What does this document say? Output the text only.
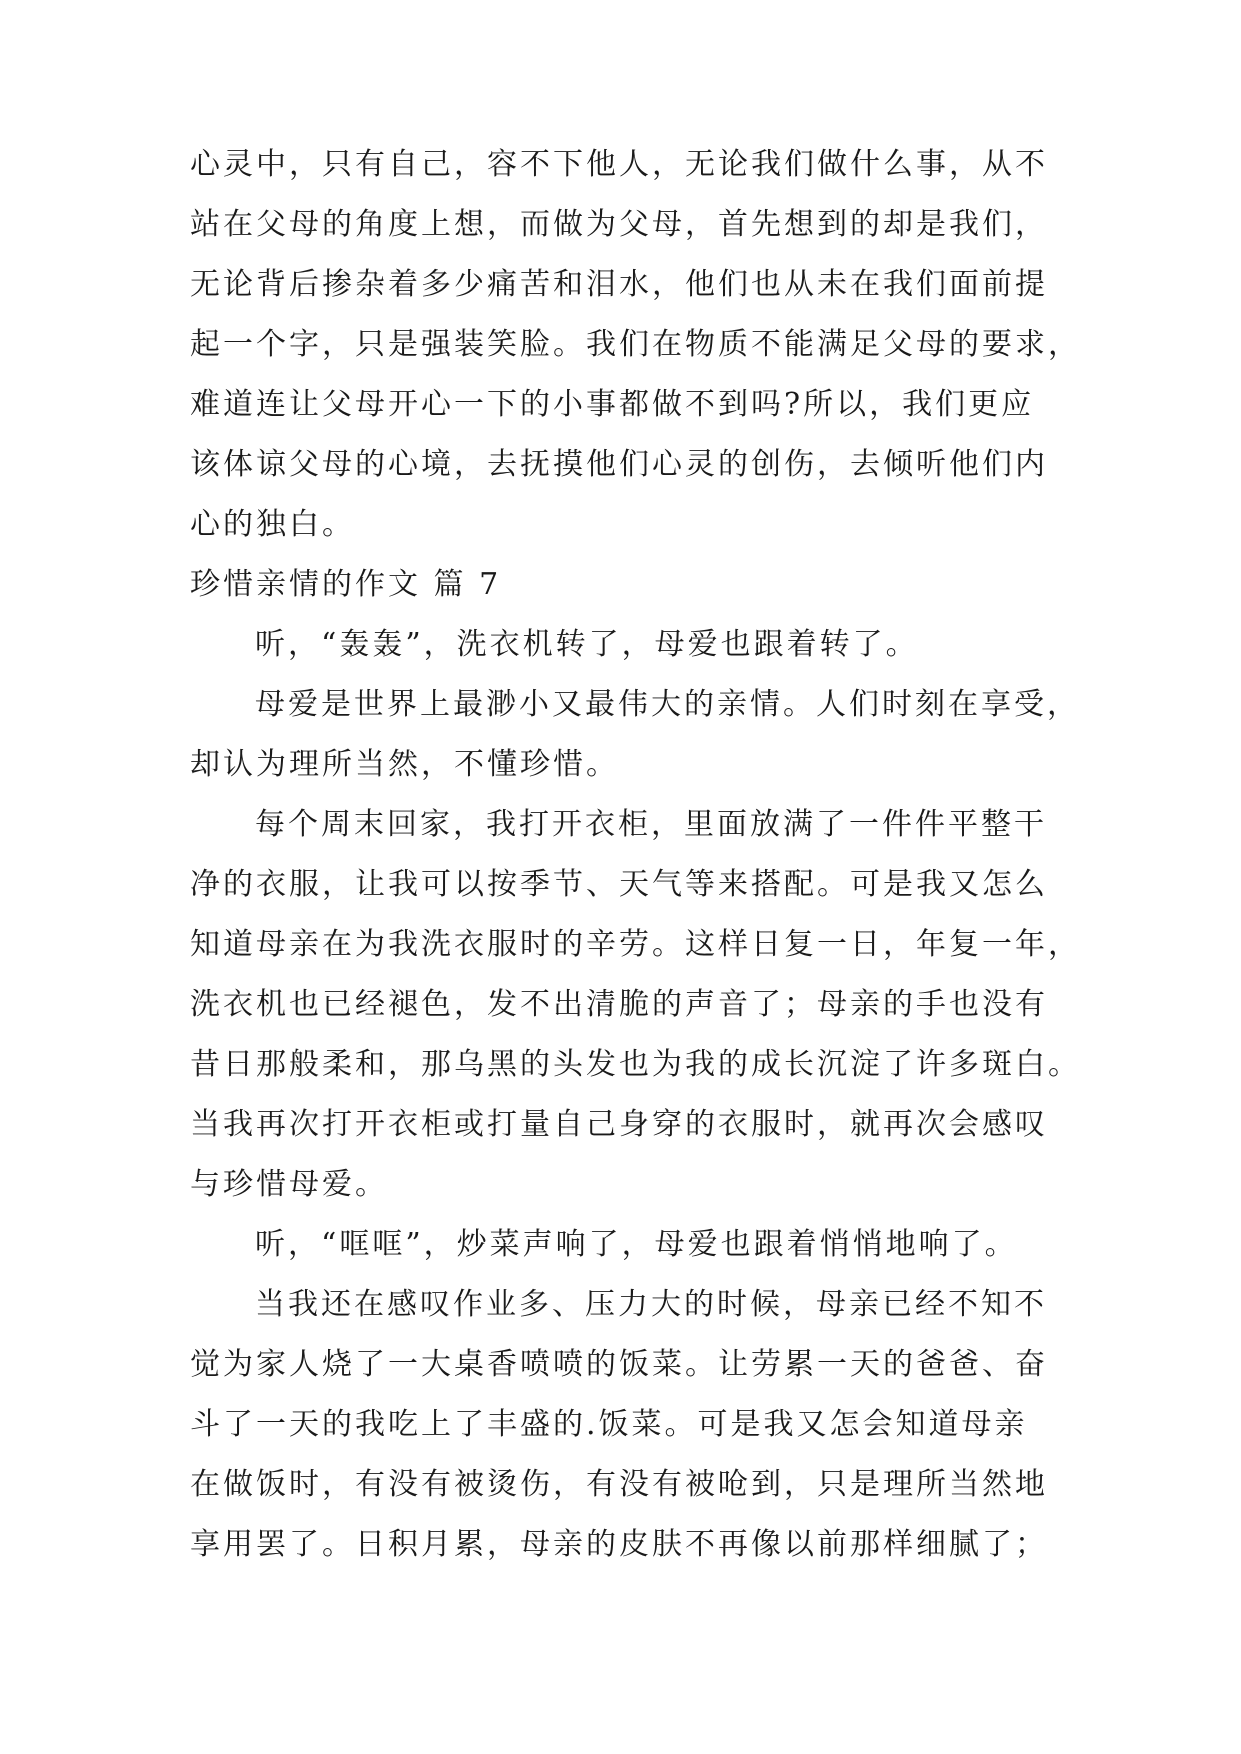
心灵中，只有自己，容不下他人，无论我们做什么事，从不
站在父母的角度上想，而做为父母，首先想到的却是我们，
无论背后掺杂着多少痛苦和泪水，他们也从未在我们面前提
起一个字，只是强装笑脸。我们在物质不能满足父母的要求，
难道连让父母开心一下的小事都做不到吗?所以，我们更应
该体谅父母的心境，去抚摸他们心灵的创伤，去倾听他们内
心的独白。
珍惜亲情的作文 篇 7
听，“轰轰”，洗衣机转了，母爱也跟着转了。
母爱是世界上最渺小又最伟大的亲情。人们时刻在享受，
却认为理所当然，不懂珍惜。
每个周末回家，我打开衣柜，里面放满了一件件平整干
净的衣服，让我可以按季节、天气等来搭配。可是我又怎么
知道母亲在为我洗衣服时的辛劳。这样日复一日，年复一年，
洗衣机也已经褪色，发不出清脆的声音了；母亲的手也没有
昔日那般柔和，那乌黑的头发也为我的成长沉淀了许多斑白。
当我再次打开衣柜或打量自己身穿的衣服时，就再次会感叹
与珍惜母爱。
听，“哐哐”，炒菜声响了，母爱也跟着悄悄地响了。
当我还在感叹作业多、压力大的时候，母亲已经不知不
觉为家人烧了一大桌香喷喷的饭菜。让劳累一天的爸爸、奋
斗了一天的我吃上了丰盛的.饭菜。可是我又怎会知道母亲
在做饭时，有没有被烫伤，有没有被呛到，只是理所当然地
享用罢了。日积月累，母亲的皮肤不再像以前那样细腻了；
